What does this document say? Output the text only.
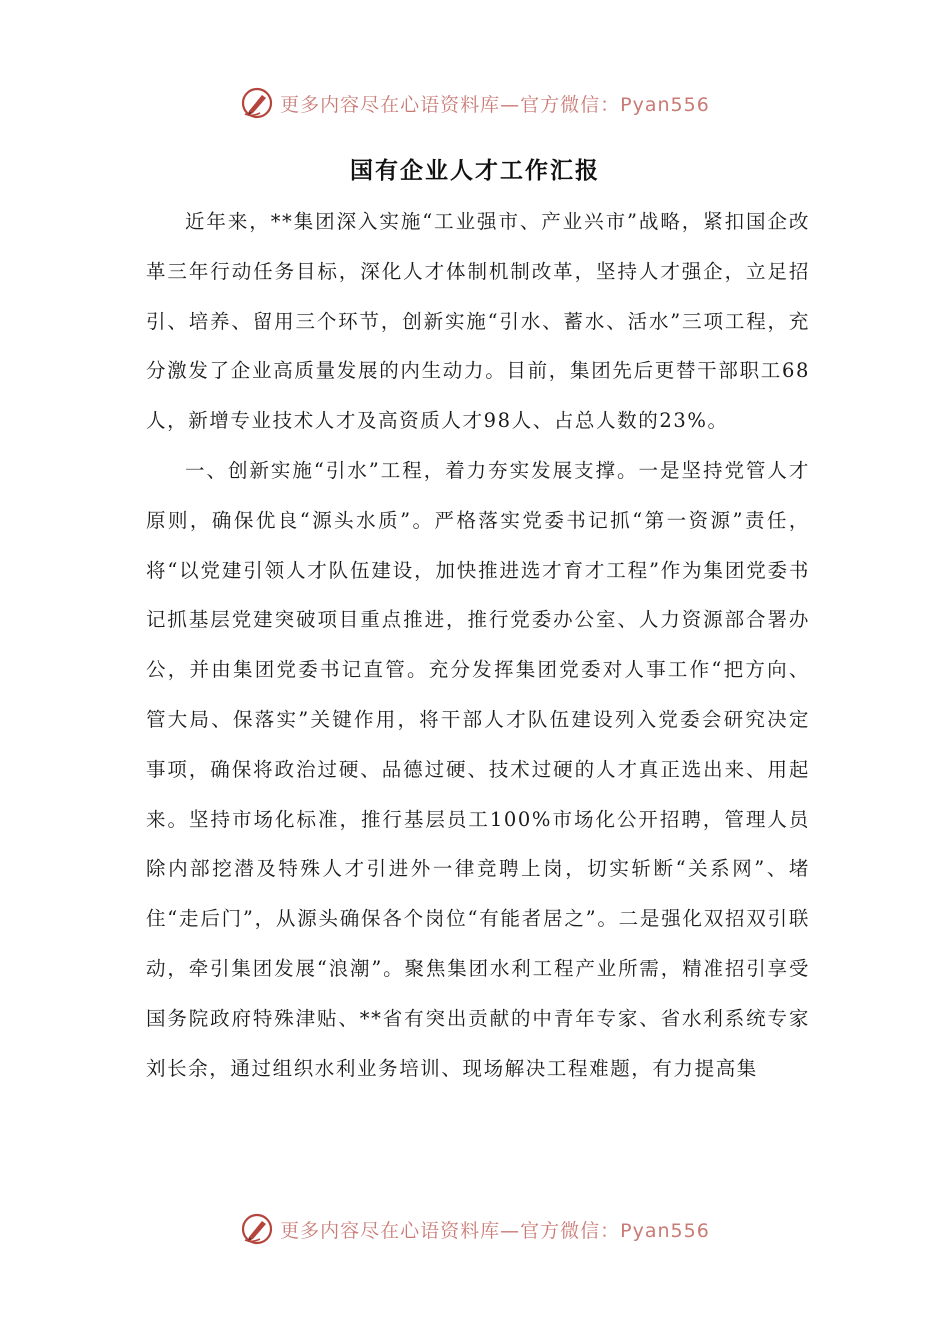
更多内容尽在心语资料库—官方微信：Pyan556
国有企业人才工作汇报

近年来，**集团深入实施“工业强市、产业兴市”战略，紧扣国企改革三年行动任务目标，深化人才体制机制改革，坚持人才强企，立足招引、培养、留用三个环节，创新实施“引水、蓄水、活水”三项工程，充分激发了企业高质量发展的内生动力。目前，集团先后更替干部职工68人，新增专业技术人才及高资质人才98人、占总人数的23%。

一、创新实施“引水”工程，着力夯实发展支撑。一是坚持党管人才原则，确保优良“源头水质”。严格落实党委书记抓“第一资源”责任，将“以党建引领人才队伍建设，加快推进选才育才工程”作为集团党委书记抓基层党建突破项目重点推进，推行党委办公室、人力资源部合署办公，并由集团党委书记直管。充分发挥集团党委对人事工作“把方向、管大局、保落实”关键作用，将干部人才队伍建设列入党委会研究决定事项，确保将政治过硬、品德过硬、技术过硬的人才真正选出来、用起来。坚持市场化标准，推行基层员工100%市场化公开招聘，管理人员除内部挖潜及特殊人才引进外一律竞聘上岗，切实斩断“关系网”、堵住“走后门”，从源头确保各个岗位“有能者居之”。二是强化双招双引联动，牵引集团发展“浪潮”。聚焦集团水利工程产业所需，精准招引享受国务院政府特殊津贴、**省有突出贡献的中青年专家、省水利系统专家刘长余，通过组织水利业务培训、现场解决工程难题，有力提高集

更多内容尽在心语资料库—官方微信：Pyan556
